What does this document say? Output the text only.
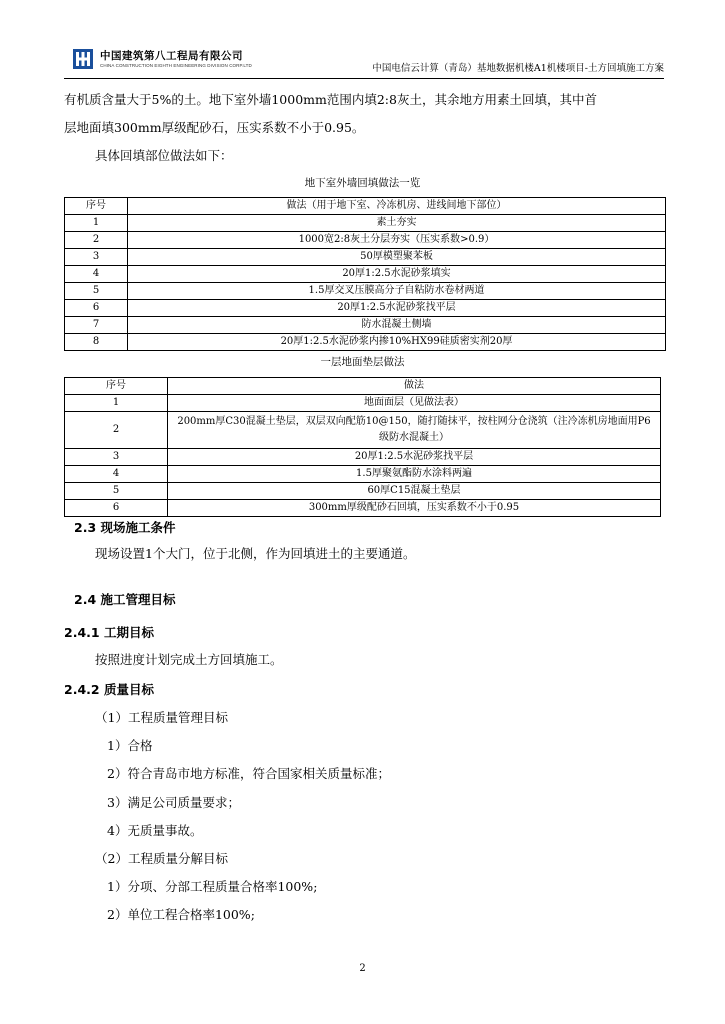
中国建筑第八工程局有限公司
CHINA CONSTRUCTION EIGHTH ENGINEERING DIVISION CORP.LTD	中国电信云计算（青岛）基地数据机楼A1机楼项目-土方回填施工方案
有机质含量大于5%的土。地下室外墙1000mm范围内填2:8灰土，其余地方用素土回填，其中首
层地面填300mm厚级配砂石，压实系数不小于0.95。
具体回填部位做法如下：
地下室外墙回填做法一览
序号	做法（用于地下室、冷冻机房、进线间地下部位）
1	素土夯实
2	1000宽2:8灰土分层夯实（压实系数>0.9）
3	50厚模塑聚苯板
4	20厚1:2.5水泥砂浆填实
5	1.5厚交叉压膜高分子自粘防水卷材两道
6	20厚1:2.5水泥砂浆找平层
7	防水混凝土侧墙
8	20厚1:2.5水泥砂浆内掺10%HX99硅质密实剂20厚
一层地面垫层做法
序号	做法
1	地面面层（见做法表）
2	200mm厚C30混凝土垫层，双层双向配筋10@150，随打随抹平，按柱网分仓浇筑（注冷冻机房地面用P6级防水混凝土）
3	20厚1:2.5水泥砂浆找平层
4	1.5厚聚氨酯防水涂料两遍
5	60厚C15混凝土垫层
6	300mm厚级配砂石回填，压实系数不小于0.95
2.3 现场施工条件
现场设置1个大门，位于北侧，作为回填进土的主要通道。
2.4 施工管理目标
2.4.1 工期目标
按照进度计划完成土方回填施工。
2.4.2 质量目标
（1）工程质量管理目标
1）合格
2）符合青岛市地方标准，符合国家相关质量标准；
3）满足公司质量要求；
4）无质量事故。
（2）工程质量分解目标
1）分项、分部工程质量合格率100%;
2）单位工程合格率100%;
2
